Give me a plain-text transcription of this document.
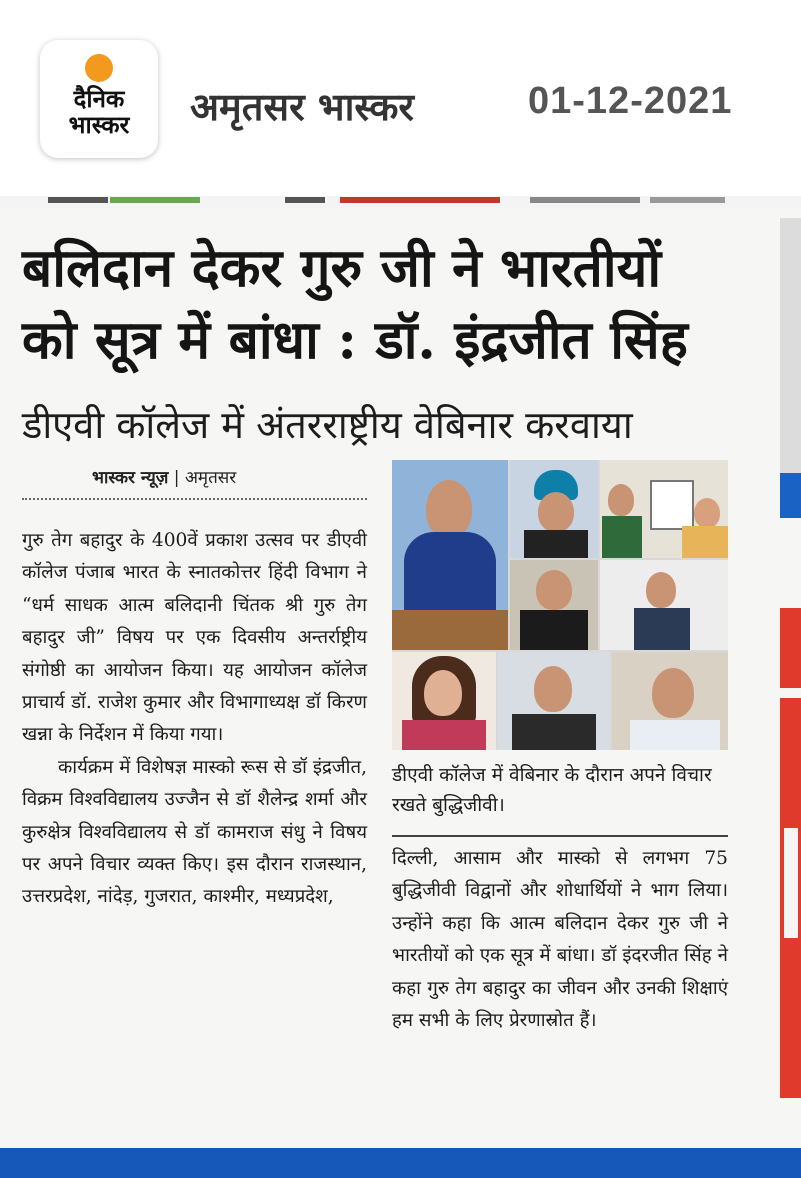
दैनिक
भास्कर	अमृतसर भास्कर	01-12-2021
बलिदान देकर गुरु जी ने भारतीयों
को सूत्र में बांधा : डॉ. इंद्रजीत सिंह
डीएवी कॉलेज में अंतरराष्ट्रीय वेबिनार करवाया
भास्कर न्यूज़ | अमृतसर

गुरु तेग बहादुर के 400वें प्रकाश उत्सव पर डीएवी कॉलेज पंजाब भारत के स्नातकोत्तर हिंदी विभाग ने “धर्म साधक आत्म बलिदानी चिंतक श्री गुरु तेग बहादुर जी” विषय पर एक दिवसीय अन्तर्राष्ट्रीय संगोष्ठी का आयोजन किया। यह आयोजन कॉलेज प्राचार्य डॉ. राजेश कुमार और विभागाध्यक्ष डॉ किरण खन्ना के निर्देशन में किया गया।

कार्यक्रम में विशेषज्ञ मास्को रूस से डॉ इंद्रजीत, विक्रम विश्वविद्यालय उज्जैन से डॉ शैलेन्द्र शर्मा और कुरुक्षेत्र विश्वविद्यालय से डॉ कामराज संधु ने विषय पर अपने विचार व्यक्त किए। इस दौरान राजस्थान, उत्तरप्रदेश, नांदेड़, गुजरात, काश्मीर, मध्यप्रदेश,

डीएवी कॉलेज में वेबिनार के दौरान अपने विचार रखते बुद्धिजीवी।
दिल्ली, आसाम और मास्को से लगभग 75 बुद्धिजीवी विद्वानों और शोधार्थियों ने भाग लिया। उन्होंने कहा कि आत्म बलिदान देकर गुरु जी ने भारतीयों को एक सूत्र में बांधा। डॉ इंदरजीत सिंह ने कहा गुरु तेग बहादुर का जीवन और उनकी शिक्षाएं हम सभी के लिए प्रेरणास्रोत हैं।
